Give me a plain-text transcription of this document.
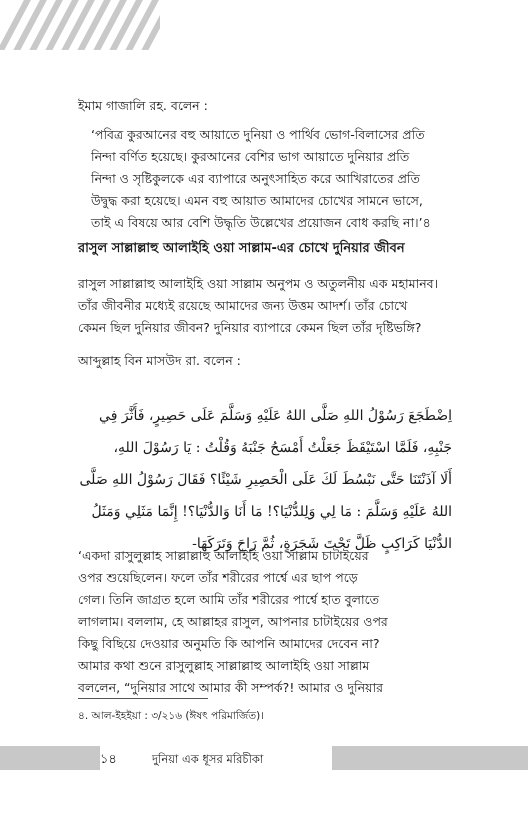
ইমাম গাজালি রহ. বলেন :

‘পবিত্র কুরআনের বহু আয়াতে দুনিয়া ও পার্থিব ভোগ-বিলাসের প্রতি

নিন্দা বর্ণিত হয়েছে। কুরআনের বেশির ভাগ আয়াতে দুনিয়ার প্রতি

নিন্দা ও সৃষ্টিকুলকে এর ব্যাপারে অনুৎসাহিত করে আখিরাতের প্রতি

উদ্বুদ্ধ করা হয়েছে। এমন বহু আয়াত আমাদের চোখের সামনে ভাসে,

তাই এ বিষয়ে আর বেশি উদ্ধৃতি উল্লেখের প্রয়োজন বোধ করছি না।’৪

রাসুল সাল্লাল্লাহু আলাইহি ওয়া সাল্লাম-এর চোখে দুনিয়ার জীবন

রাসুল সাল্লাল্লাহু আলাইহি ওয়া সাল্লাম অনুপম ও অতুলনীয় এক মহামানব।

তাঁর জীবনীর মধ্যেই রয়েছে আমাদের জন্য উত্তম আদর্শ। তাঁর চোখে

কেমন ছিল দুনিয়ার জীবন? দুনিয়ার ব্যাপারে কেমন ছিল তাঁর দৃষ্টিভঙ্গি?

আব্দুল্লাহ বিন মাসউদ রা. বলেন :

اِضْطَجَعَ رَسُوْلُ اللهِ صَلَّى اللهُ عَلَيْهِ وَسَلَّمَ عَلَى حَصِيرٍ، فَأَثَّرَ فِي

جَنْبِهِ، فَلَمَّا اسْتَيْقَظَ جَعَلْتُ أَمْسَحُ جَنْبَهُ وَقُلْتُ : يَا رَسُوْلَ اللهِ،

أَلَا آذَنْتَنَا حَتَّى نَبْسُطَ لَكَ عَلَى الْحَصِيرِ شَيْئًا؟ فَقَالَ رَسُوْلُ اللهِ صَلَّى

اللهُ عَلَيْهِ وَسَلَّمَ : مَا لِي وَلِلدُّنْيَا؟! مَا أَنَا وَالدُّنْيَا؟! إِنَّمَا مَثَلِي وَمَثَلُ

الدُّنْيَا كَرَاكِبٍ ظَلَّ تَحْتَ شَجَرَةٍ، ثُمَّ رَاحَ وَتَرَكَهَا-

‘একদা রাসুলুল্লাহ সাল্লাল্লাহু আলাইহি ওয়া সাল্লাম চাটাইয়ের

ওপর শুয়েছিলেন। ফলে তাঁর শরীরের পার্শ্বে এর ছাপ পড়ে

গেল। তিনি জাগ্রত হলে আমি তাঁর শরীরের পার্শ্বে হাত বুলাতে

লাগলাম। বললাম, হে আল্লাহর রাসুল, আপনার চাটাইয়ের ওপর

কিছু বিছিয়ে দেওয়ার অনুমতি কি আপনি আমাদের দেবেন না?

আমার কথা শুনে রাসুলুল্লাহ সাল্লাল্লাহু আলাইহি ওয়া সাল্লাম

বললেন, “দুনিয়ার সাথে আমার কী সম্পর্ক?! আমার ও দুনিয়ার

৪. আল-ইহইয়া : ৩/২১৬ (ঈষৎ পরিমার্জিত)।
১৪	দুনিয়া এক ধূসর মরিচীকা
